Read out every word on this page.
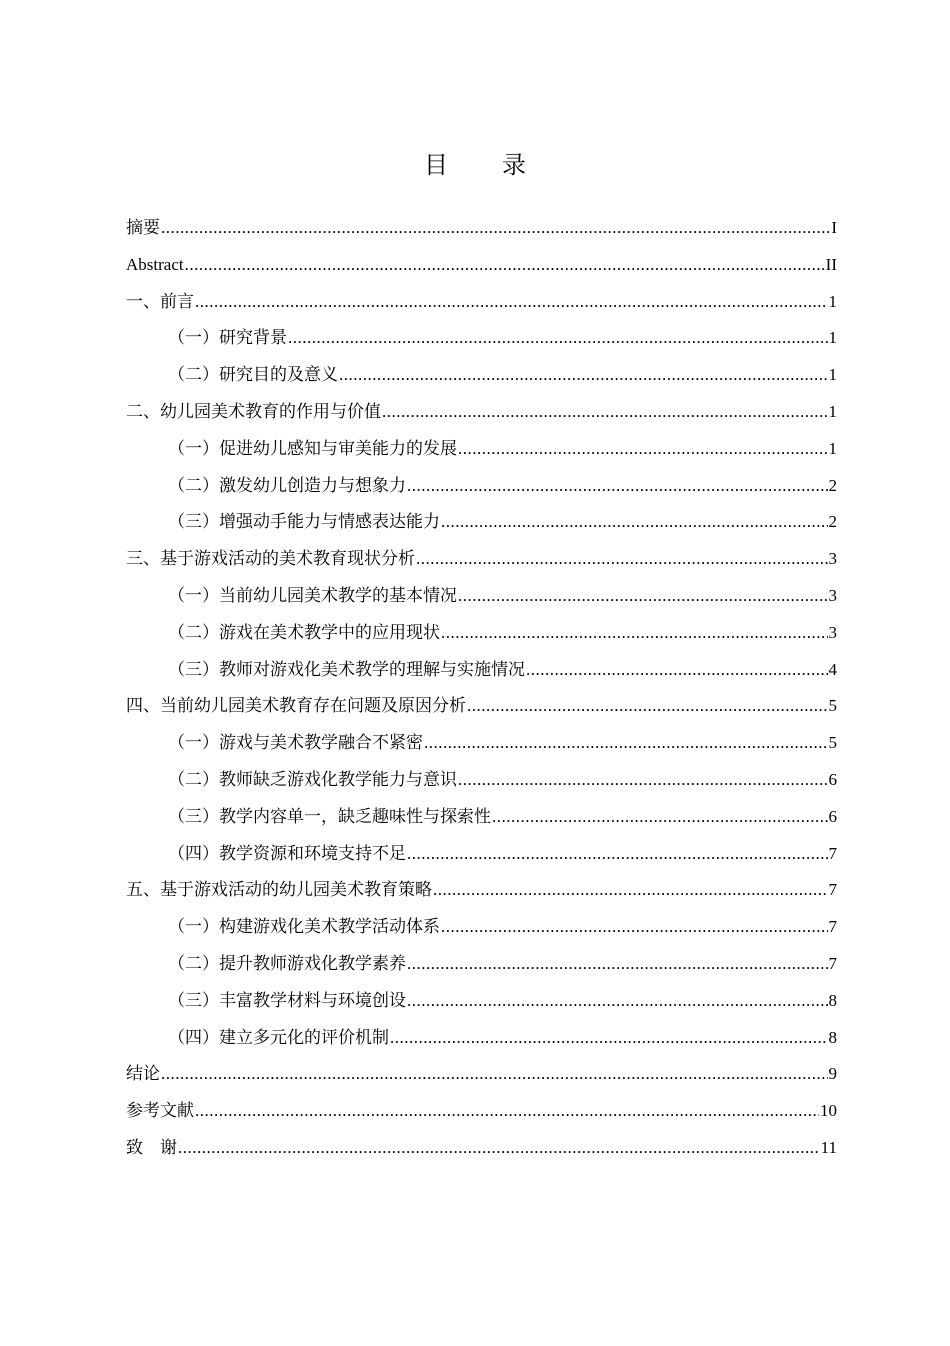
目 录
摘要 .....	I
Abstract .....	II
一、前言 .....	1
（一）研究背景 .....	1
（二）研究目的及意义 .....	1
二、幼儿园美术教育的作用与价值 .....	1
（一）促进幼儿感知与审美能力的发展 .....	1
（二）激发幼儿创造力与想象力 .....	2
（三）增强动手能力与情感表达能力 .....	2
三、基于游戏活动的美术教育现状分析 .....	3
（一）当前幼儿园美术教学的基本情况 .....	3
（二）游戏在美术教学中的应用现状 .....	3
（三）教师对游戏化美术教学的理解与实施情况 .....	4
四、当前幼儿园美术教育存在问题及原因分析 .....	5
（一）游戏与美术教学融合不紧密 .....	5
（二）教师缺乏游戏化教学能力与意识 .....	6
（三）教学内容单一，缺乏趣味性与探索性 .....	6
（四）教学资源和环境支持不足 .....	7
五、基于游戏活动的幼儿园美术教育策略 .....	7
（一）构建游戏化美术教学活动体系 .....	7
（二）提升教师游戏化教学素养 .....	7
（三）丰富教学材料与环境创设 .....	8
（四）建立多元化的评价机制 .....	8
结论 .....	9
参考文献 .....	10
致　谢 .....	11
